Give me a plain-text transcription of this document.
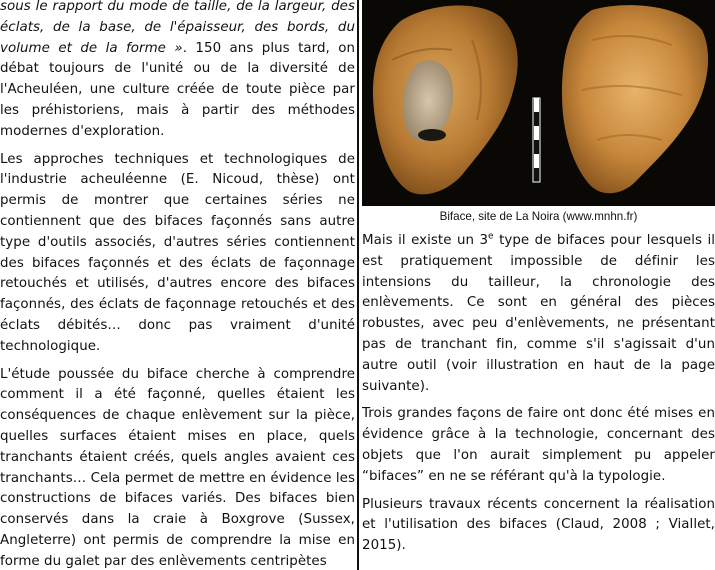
sous le rapport du mode de taille, de la largeur, des éclats, de la base, de l'épaisseur, des bords, du volume et de la forme ». 150 ans plus tard, on débat toujours de l'unité ou de la diversité de l'Acheuléen, une culture créée de toute pièce par les préhistoriens, mais à partir des méthodes modernes d'exploration.

Les approches techniques et technologiques de l'industrie acheuléenne (E. Nicoud, thèse) ont permis de montrer que certaines séries ne contiennent que des bifaces façonnés sans autre type d'outils associés, d'autres séries contiennent des bifaces façonnés et des éclats de façonnage retouchés et utilisés, d'autres encore des bifaces façonnés, des éclats de façonnage retouchés et des éclats débités… donc pas vraiment d'unité technologique.

L'étude poussée du biface cherche à comprendre comment il a été façonné, quelles étaient les conséquences de chaque enlèvement sur la pièce, quelles surfaces étaient mises en place, quels tranchants étaient créés, quels angles avaient ces tranchants… Cela permet de mettre en évidence les constructions de bifaces variés. Des bifaces bien conservés dans la craie à Boxgrove (Sussex, Angleterre) ont permis de comprendre la mise en forme du galet par des enlèvements centripètes

Biface, site de La Noira (www.mnhn.fr)

Mais il existe un 3e type de bifaces pour lesquels il est pratiquement impossible de définir les intensions du tailleur, la chronologie des enlèvements. Ce sont en général des pièces robustes, avec peu d'enlèvements, ne présentant pas de tranchant fin, comme s'il s'agissait d'un autre outil (voir illustration en haut de la page suivante).

Trois grandes façons de faire ont donc été mises en évidence grâce à la technologie, concernant des objets que l'on aurait simplement pu appeler “bifaces” en ne se référant qu'à la typologie.

Plusieurs travaux récents concernent la réalisation et l'utilisation des bifaces (Claud, 2008 ; Viallet, 2015).
